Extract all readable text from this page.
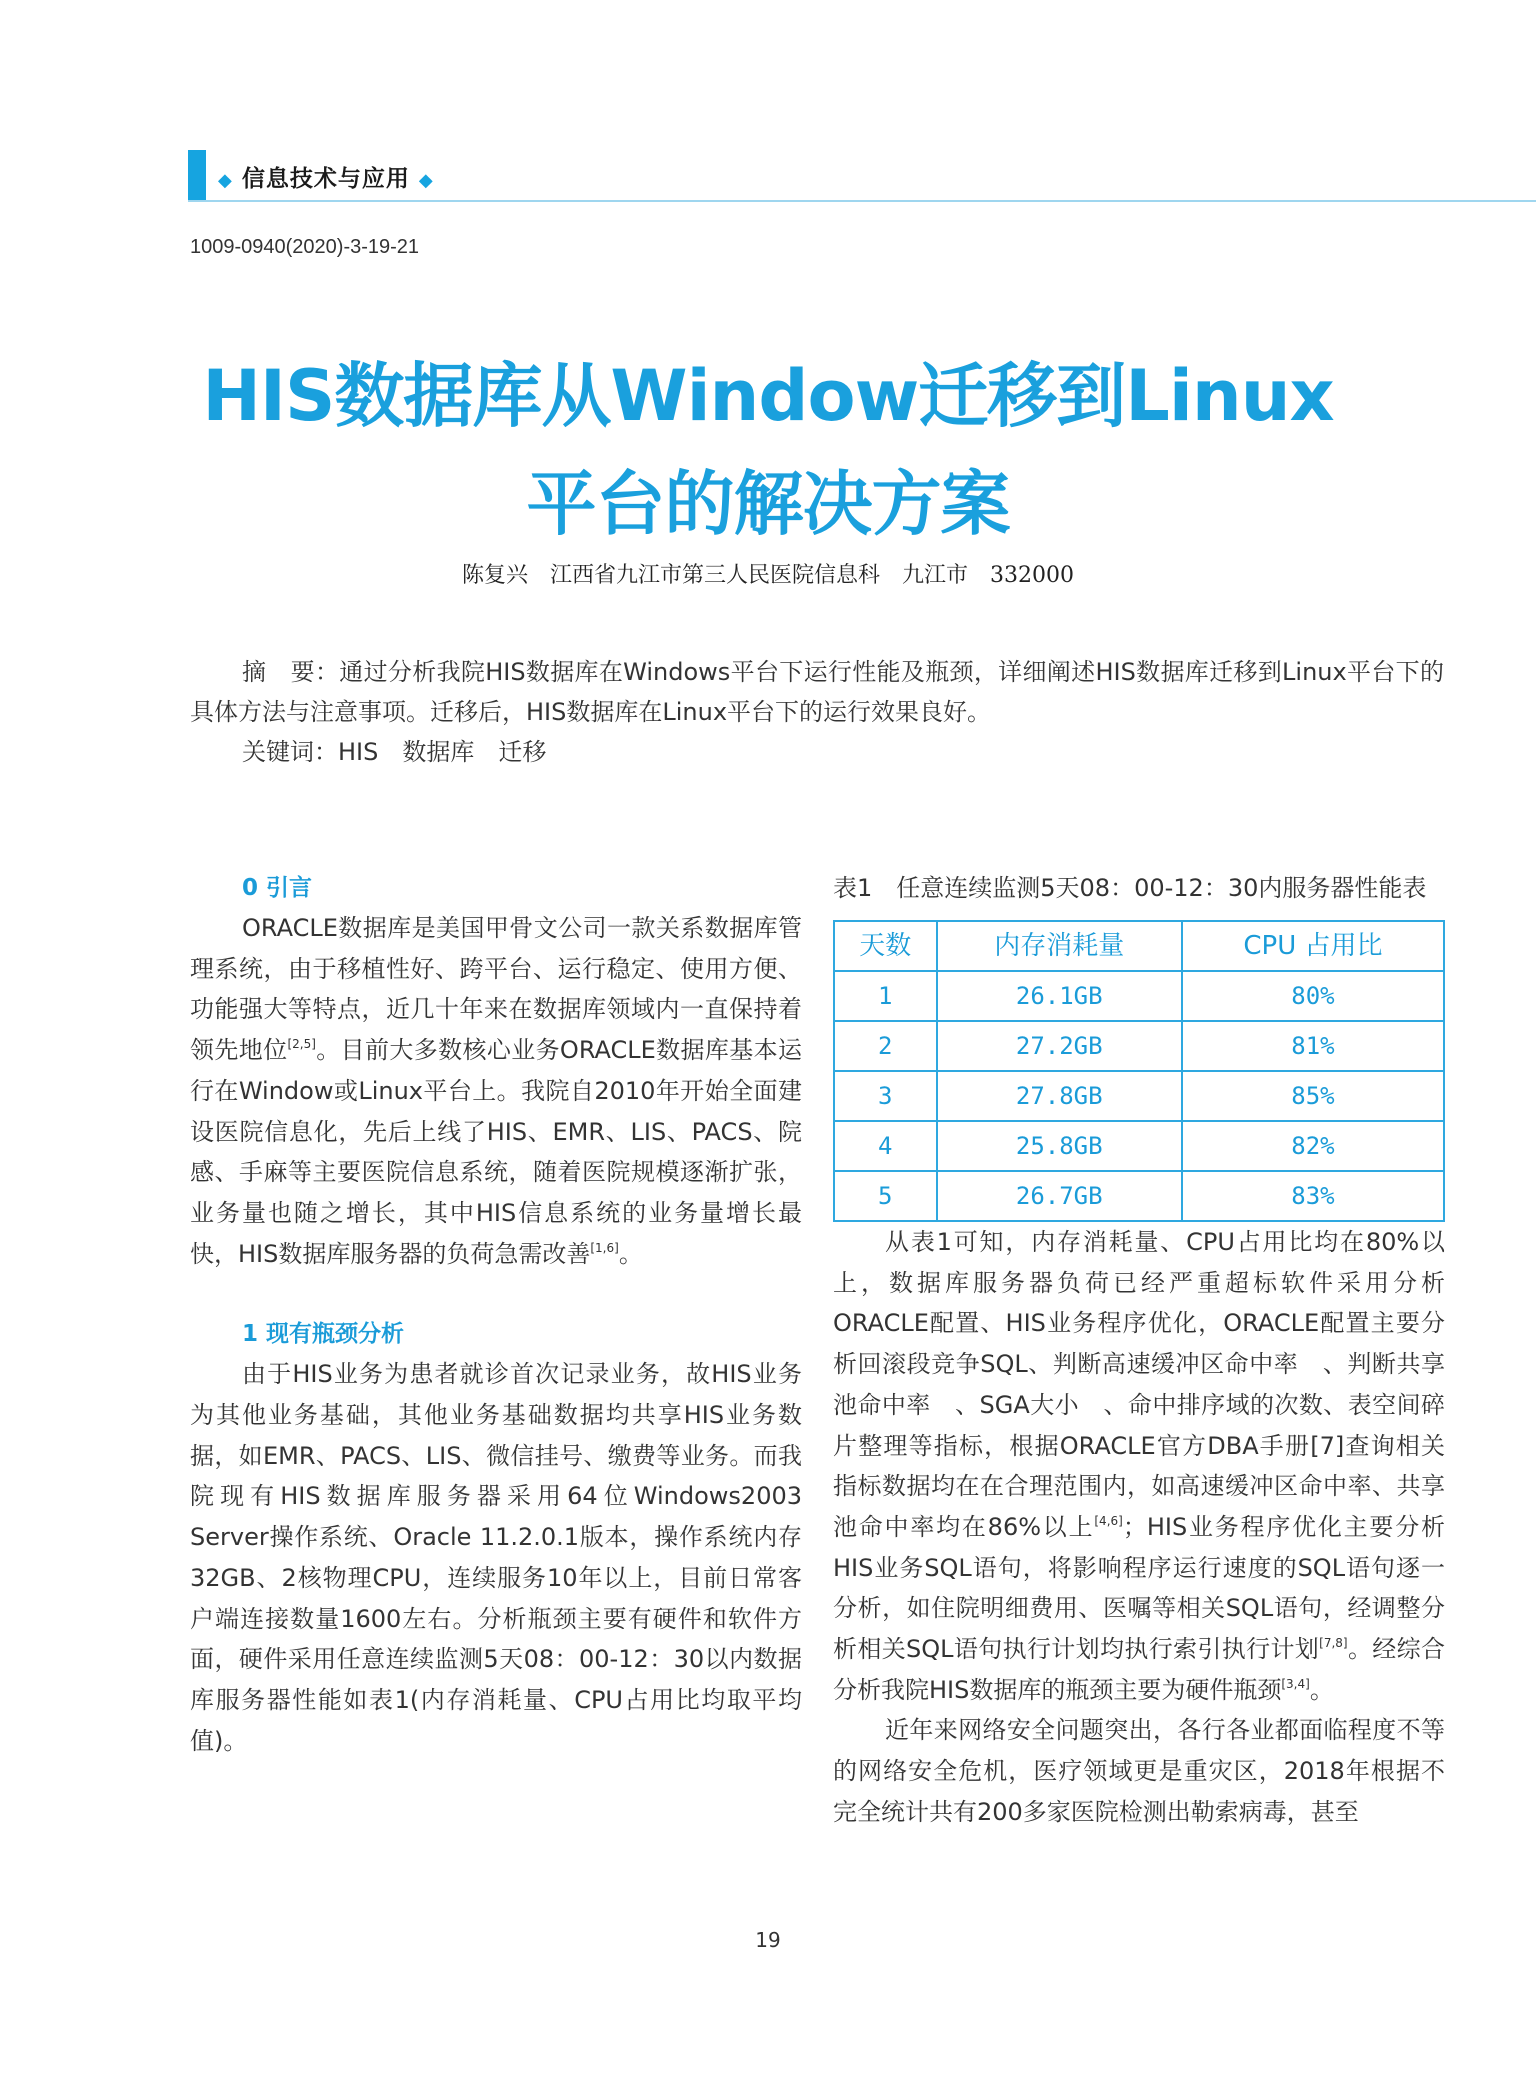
◆ 信息技术与应用 ◆
1009-0940(2020)-3-19-21
HIS数据库从Window迁移到Linux
平台的解决方案
陈复兴　江西省九江市第三人民医院信息科　九江市　332000

摘　要：通过分析我院HIS数据库在Windows平台下运行性能及瓶颈，详细阐述HIS数据库迁移到Linux平台下的具体方法与注意事项。迁移后，HIS数据库在Linux平台下的运行效果良好。

关键词：HIS　数据库　迁移

0 引言

ORACLE数据库是美国甲骨文公司一款关系数据库管理系统，由于移植性好、跨平台、运行稳定、使用方便、功能强大等特点，近几十年来在数据库领域内一直保持着领先地位[2,5]。目前大多数核心业务ORACLE数据库基本运行在Window或Linux平台上。我院自2010年开始全面建设医院信息化，先后上线了HIS、EMR、LIS、PACS、院感、手麻等主要医院信息系统，随着医院规模逐渐扩张，业务量也随之增长，其中HIS信息系统的业务量增长最快，HIS数据库服务器的负荷急需改善[1,6]。

1 现有瓶颈分析

由于HIS业务为患者就诊首次记录业务，故HIS业务为其他业务基础，其他业务基础数据均共享HIS业务数据，如EMR、PACS、LIS、微信挂号、缴费等业务。而我院现有HIS数据库服务器采用64位Windows2003 Server操作系统、Oracle 11.2.0.1版本，操作系统内存32GB、2核物理CPU，连续服务10年以上，目前日常客户端连接数量1600左右。分析瓶颈主要有硬件和软件方面，硬件采用任意连续监测5天08：00-12：30以内数据库服务器性能如表1(内存消耗量、CPU占用比均取平均值)。

表1　任意连续监测5天08：00-12：30内服务器性能表
天数	内存消耗量	CPU 占用比
1	26.1GB	80%
2	27.2GB	81%
3	27.8GB	85%
4	25.8GB	82%
5	26.7GB	83%

从表1可知，内存消耗量、CPU占用比均在80%以上，数据库服务器负荷已经严重超标软件采用分析ORACLE配置、HIS业务程序优化，ORACLE配置主要分析回滚段竞争SQL、判断高速缓冲区命中率　、判断共享池命中率　、SGA大小　、命中排序域的次数、表空间碎片整理等指标，根据ORACLE官方DBA手册[7]查询相关指标数据均在在合理范围内，如高速缓冲区命中率、共享池命中率均在86%以上[4,6]；HIS业务程序优化主要分析HIS业务SQL语句，将影响程序运行速度的SQL语句逐一分析，如住院明细费用、医嘱等相关SQL语句，经调整分析相关SQL语句执行计划均执行索引执行计划[7,8]。经综合分析我院HIS数据库的瓶颈主要为硬件瓶颈[3,4]。

近年来网络安全问题突出，各行各业都面临程度不等的网络安全危机，医疗领域更是重灾区，2018年根据不完全统计共有200多家医院检测出勒索病毒，甚至

19
